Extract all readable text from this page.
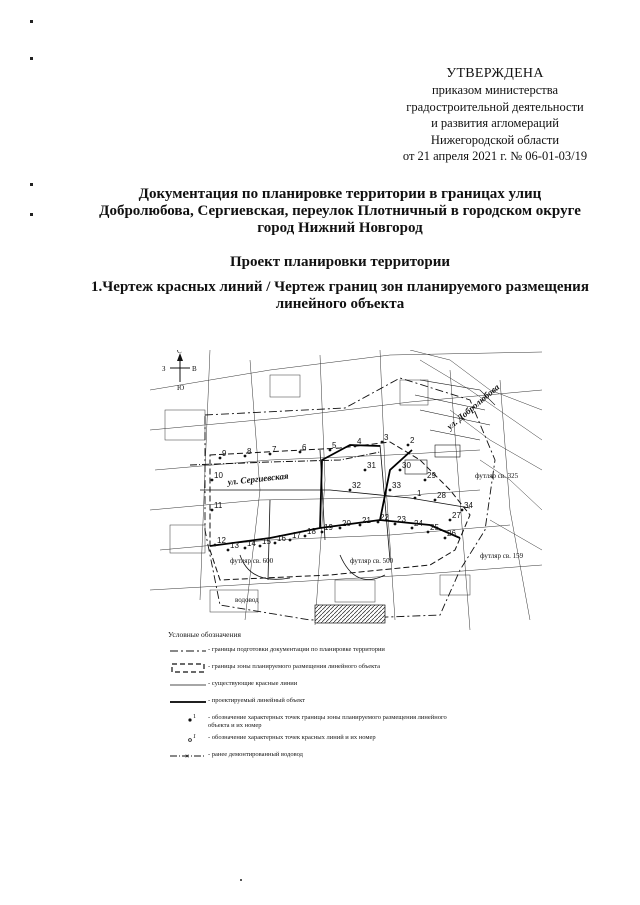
УТВЕРЖДЕНА
приказом министерства
градостроительной деятельности
и развития агломераций
Нижегородской области
от 21 апреля 2021 г. № 06-01-03/19
Документация по планировке территории в границах улиц
Добролюбова, Сергиевская, переулок Плотничный в городском округе
город Нижний Новгород
Проект планировки территории
1.Чертеж красных линий / Чертеж границ зон планируемого размещения
линейного объекта
С
Ю
З	В
ул. Сергиевская
ул. Добролюбова
футляр св. 600	футляр св. 500
футляр св. 325
футляр св. 159
водовод
1
2
3
4
5
6
7
8
9
10
11
12
13 14 15 16 17 18 19 20 21 22 23 24 25
26
27
28
29
30
31
32	33
34
Условные обозначения
- границы подготовки документации по планировке территории
- границы зоны планируемого размещения линейного объекта
- существующие красные линии
- проектируемый линейный объект
1 - обозначение характерных точек границы зоны планируемого размещения линейного объекта и их номер
1 - обозначение характерных точек красных линий и их номер
×	- ранее демонтированный водовод
